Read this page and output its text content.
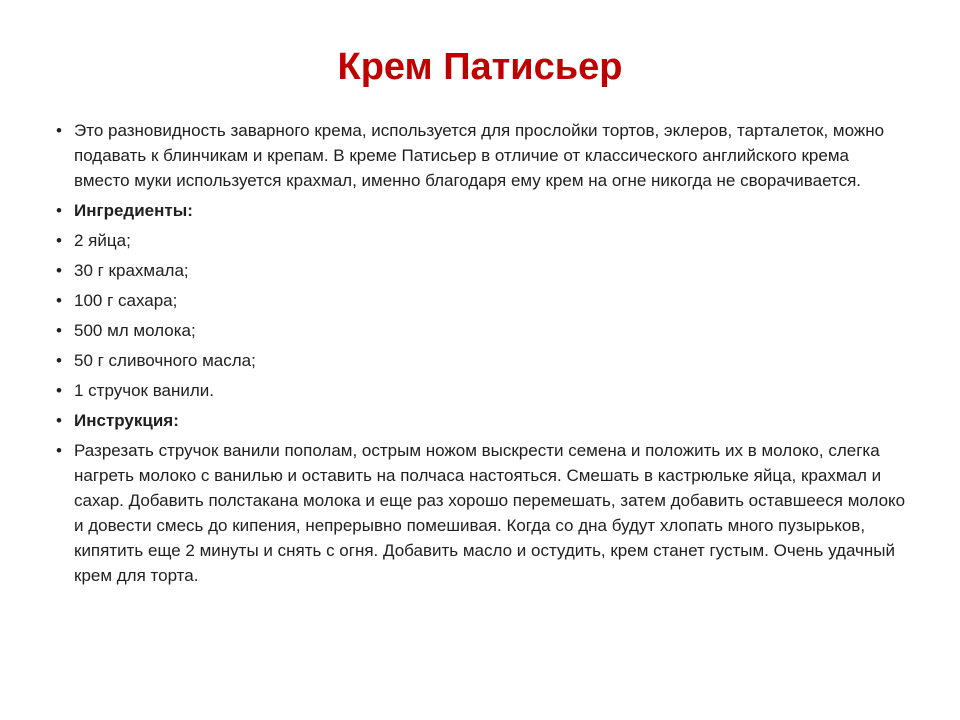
Крем Патисьер
• Это разновидность заварного крема, используется для прослойки тортов, эклеров, тарталеток, можно подавать к блинчикам и крепам. В креме Патисьер в отличие от классического английского крема вместо муки используется крахмал, именно благодаря ему крем на огне никогда не сворачивается.
• Ингредиенты:
• 2 яйца;
• 30 г крахмала;
• 100 г сахара;
• 500 мл молока;
• 50 г сливочного масла;
• 1 стручок ванили.
• Инструкция:
• Разрезать стручок ванили пополам, острым ножом выскрести семена и положить их в молоко, слегка нагреть молоко с ванилью и оставить на полчаса настояться. Смешать в кастрюльке яйца, крахмал и сахар. Добавить полстакана молока и еще раз хорошо перемешать, затем добавить оставшееся молоко и довести смесь до кипения, непрерывно помешивая. Когда со дна будут хлопать много пузырьков, кипятить еще 2 минуты и снять с огня. Добавить масло и остудить, крем станет густым. Очень удачный крем для торта.
